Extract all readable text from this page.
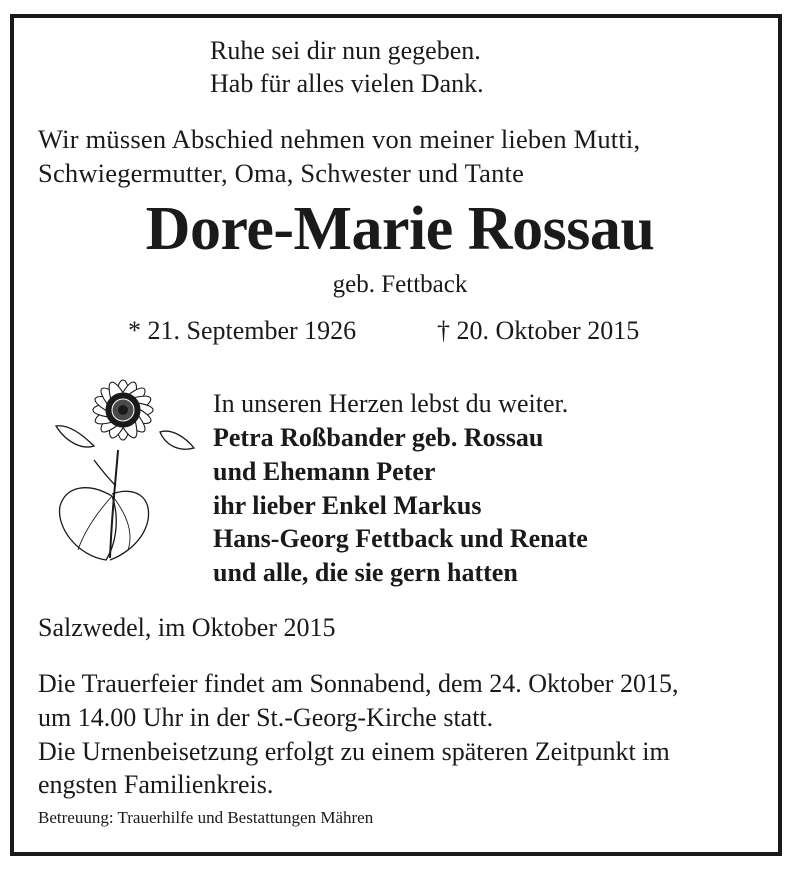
Ruhe sei dir nun gegeben.
Hab für alles vielen Dank.
Wir müssen Abschied nehmen von meiner lieben Mutti,
Schwiegermutter, Oma, Schwester und Tante
Dore-Marie Rossau
geb. Fettback
* 21. September 1926	† 20. Oktober 2015
In unseren Herzen lebst du weiter.
Petra Roßbander geb. Rossau
und Ehemann Peter
ihr lieber Enkel Markus
Hans-Georg Fettback und Renate
und alle, die sie gern hatten
Salzwedel, im Oktober 2015
Die Trauerfeier findet am Sonnabend, dem 24. Oktober 2015,
um 14.00 Uhr in der St.-Georg-Kirche statt.
Die Urnenbeisetzung erfolgt zu einem späteren Zeitpunkt im
engsten Familienkreis.
Betreuung: Trauerhilfe und Bestattungen Mähren
